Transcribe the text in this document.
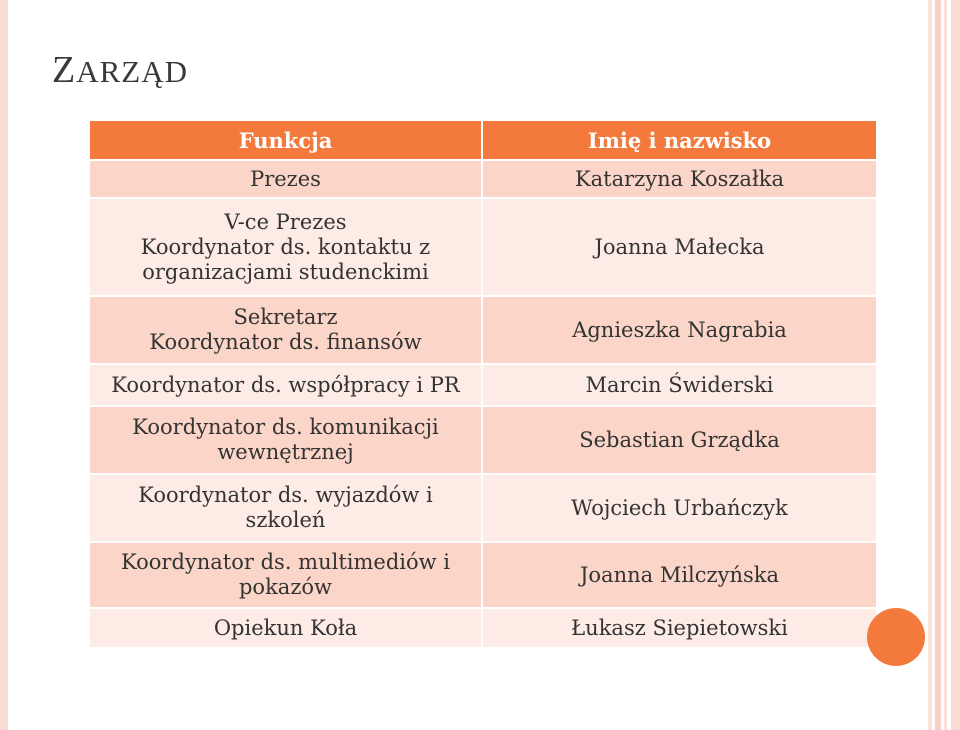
ZARZĄD
Funkcja	Imię i nazwisko

Prezes	Katarzyna Koszałka

V-ce Prezes
Koordynator ds. kontaktu z
organizacjami studenckimi	Joanna Małecka

Sekretarz
Koordynator ds. finansów	Agnieszka Nagrabia

Koordynator ds. współpracy i PR	Marcin Świderski

Koordynator ds. komunikacji
wewnętrznej	Sebastian Grządka

Koordynator ds. wyjazdów i
szkoleń	Wojciech Urbańczyk

Koordynator ds. multimediów i
pokazów	Joanna Milczyńska

Opiekun Koła	Łukasz Siepietowski
